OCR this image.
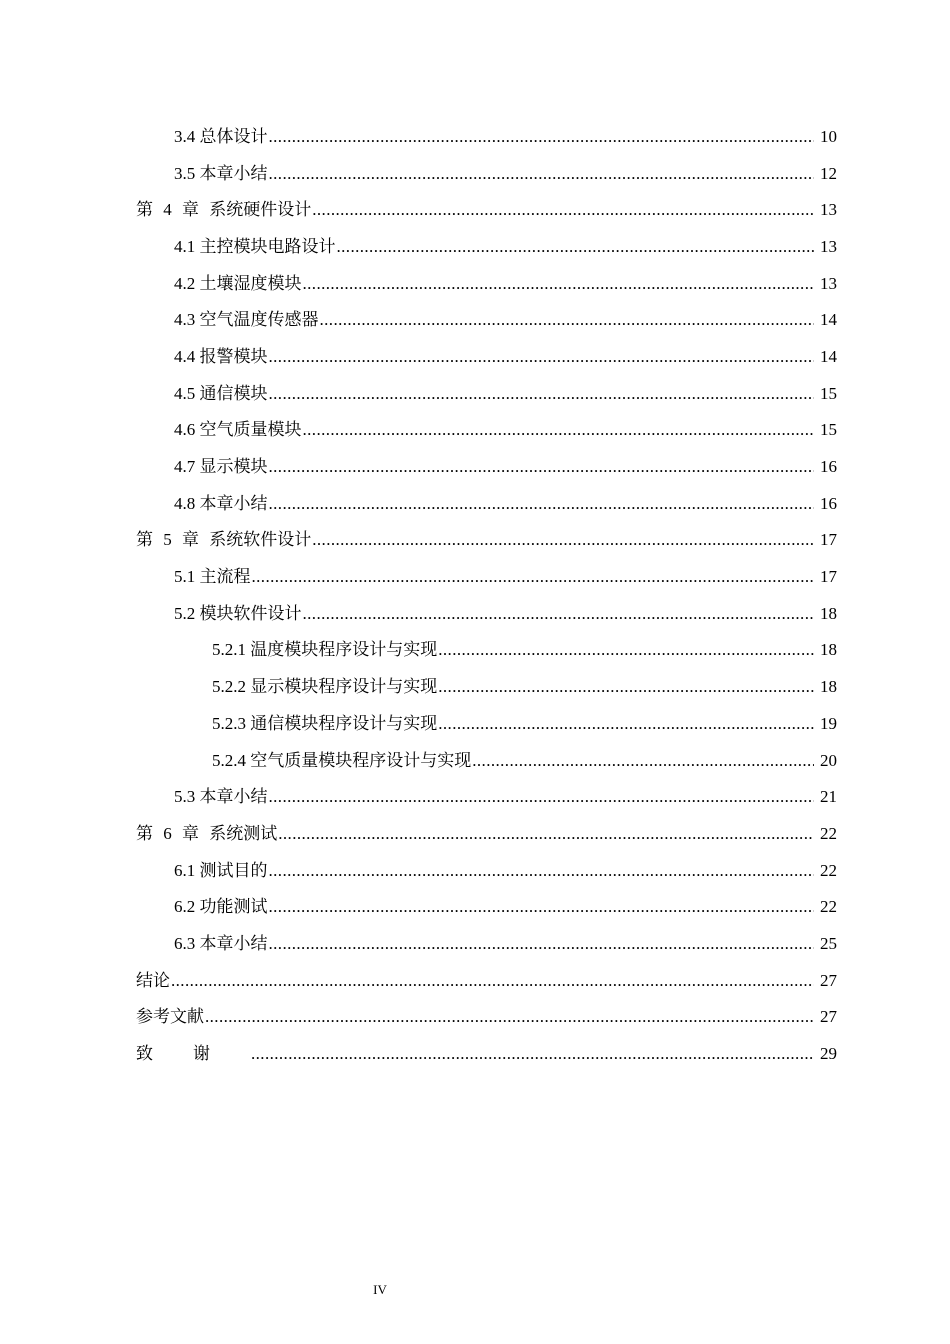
3.4 总体设计 .....	10
3.5 本章小结 .....	12
第 4 章 系统硬件设计 .....	13
4.1 主控模块电路设计 .....	13
4.2 土壤湿度模块 .....	13
4.3 空气温度传感器 .....	14
4.4 报警模块 .....	14
4.5 通信模块 .....	15
4.6 空气质量模块 .....	15
4.7 显示模块 .....	16
4.8 本章小结 .....	16
第 5 章 系统软件设计 .....	17
5.1 主流程 .....	17
5.2 模块软件设计 .....	18
5.2.1 温度模块程序设计与实现 .....	18
5.2.2 显示模块程序设计与实现 .....	18
5.2.3 通信模块程序设计与实现 .....	19
5.2.4 空气质量模块程序设计与实现 .....	20
5.3 本章小结 .....	21
第 6 章 系统测试 .....	22
6.1 测试目的 .....	22
6.2 功能测试 .....	22
6.3 本章小结 .....	25
结论 .....	27
参考文献 .....	27
致谢 .....	29
IV
